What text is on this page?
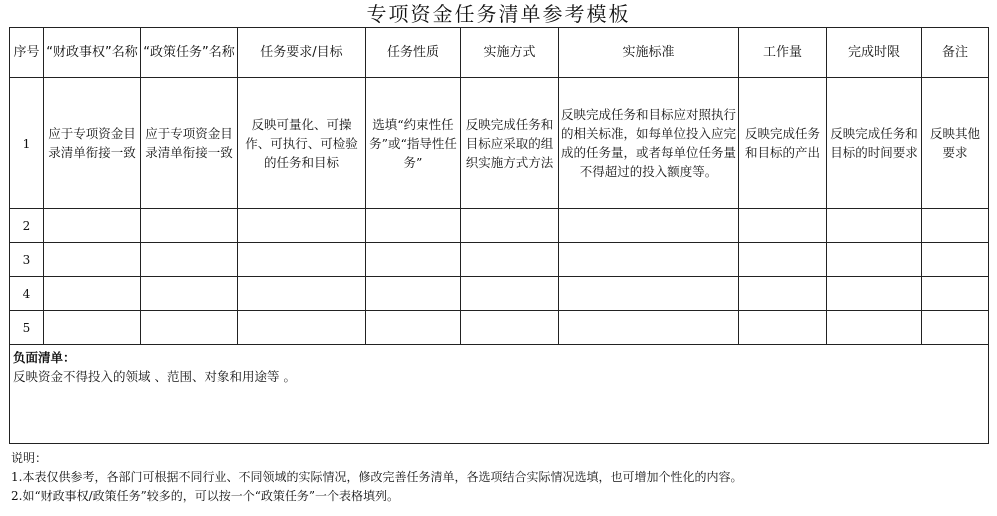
专项资金任务清单参考模板
序号	“财政事权”名称	“政策任务”名称	任务要求/目标	任务性质	实施方式	实施标准	工作量	完成时限	备注
1	应于专项资金目录清单衔接一致	应于专项资金目录清单衔接一致	反映可量化、可操作、可执行、可检验的任务和目标	选填“约束性任务”或“指导性任务”	反映完成任务和目标应采取的组织实施方式方法	反映完成任务和目标应对照执行的相关标准，如每单位投入应完成的任务量，或者每单位任务量不得超过的投入额度等。	反映完成任务和目标的产出	反映完成任务和目标的时间要求	反映其他要求
2									
3									
4									
5									

负面清单：
反映资金不得投入的领域 、范围、对象和用途等 。									
说明：
1.本表仅供参考，各部门可根据不同行业、不同领域的实际情况，修改完善任务清单，各选项结合实际情况选填，也可增加个性化的内容。
2.如“财政事权/政策任务”较多的，可以按一个“政策任务”一个表格填列。
